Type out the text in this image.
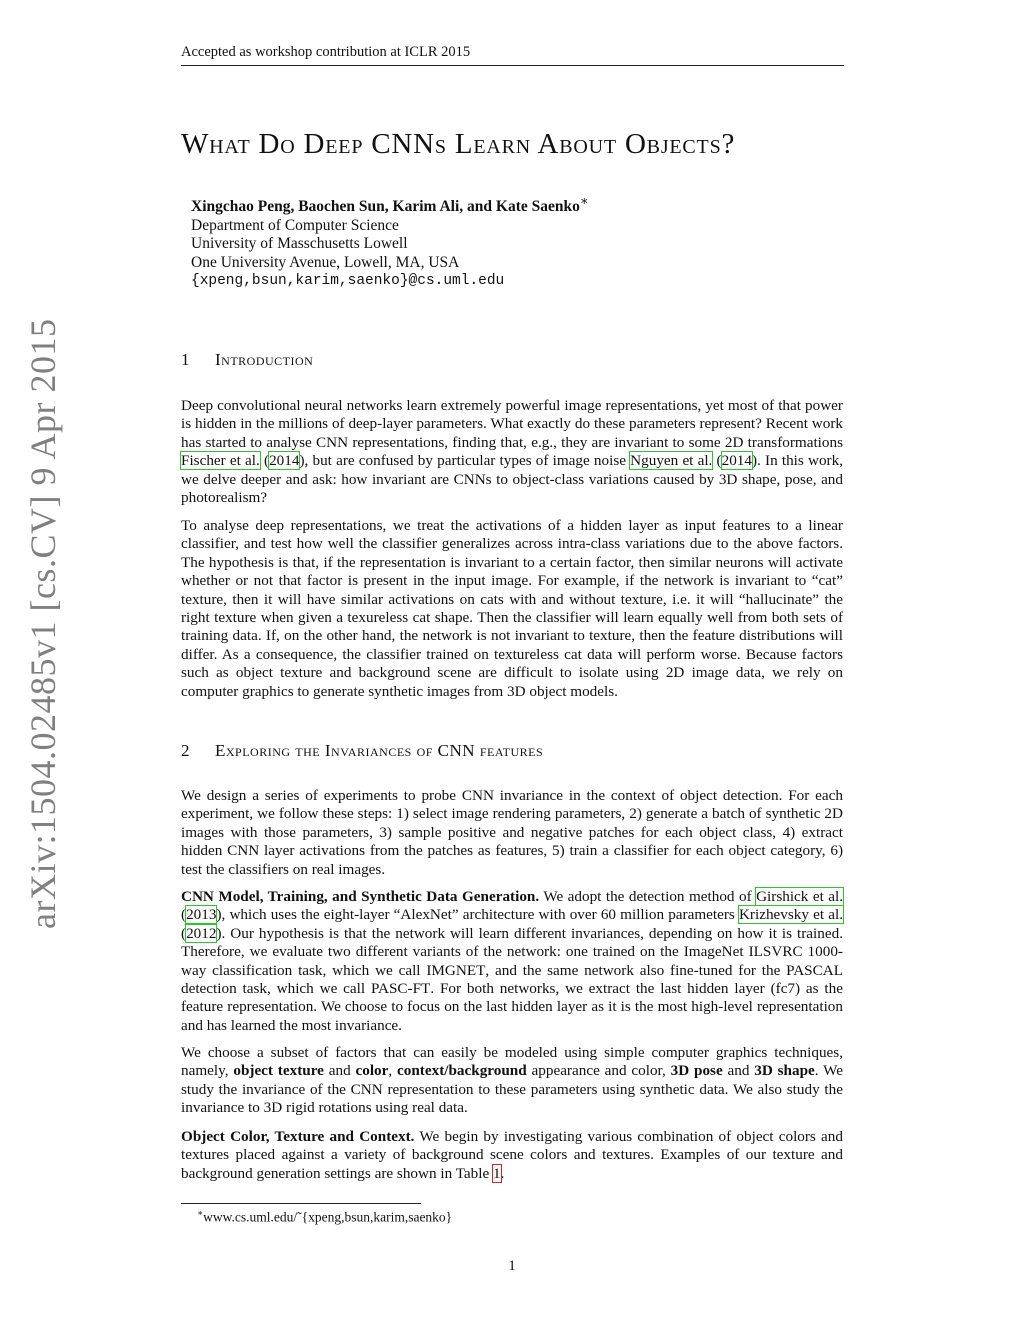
Accepted as workshop contribution at ICLR 2015
arXiv:1504.02485v1 [cs.CV] 9 Apr 2015
What Do Deep CNNs Learn About Objects?
Xingchao Peng, Baochen Sun, Karim Ali, and Kate Saenko∗
Department of Computer Science
University of Masschusetts Lowell
One University Avenue, Lowell, MA, USA
{xpeng,bsun,karim,saenko}@cs.uml.edu
1 Introduction

Deep convolutional neural networks learn extremely powerful image representations, yet most of that power is hidden in the millions of deep-layer parameters. What exactly do these parameters represent? Recent work has started to analyse CNN representations, finding that, e.g., they are invariant to some 2D transformations Fischer et al. (2014), but are confused by particular types of image noise Nguyen et al. (2014). In this work, we delve deeper and ask: how invariant are CNNs to object-class variations caused by 3D shape, pose, and photorealism?

To analyse deep representations, we treat the activations of a hidden layer as input features to a linear classifier, and test how well the classifier generalizes across intra-class variations due to the above factors. The hypothesis is that, if the representation is invariant to a certain factor, then similar neurons will activate whether or not that factor is present in the input image. For example, if the network is invariant to “cat” texture, then it will have similar activations on cats with and without texture, i.e. it will “hallucinate” the right texture when given a texureless cat shape. Then the classifier will learn equally well from both sets of training data. If, on the other hand, the network is not invariant to texture, then the feature distributions will differ. As a consequence, the classifier trained on textureless cat data will perform worse. Because factors such as object texture and background scene are difficult to isolate using 2D image data, we rely on computer graphics to generate synthetic images from 3D object models.

2 Exploring the Invariances of CNN features

We design a series of experiments to probe CNN invariance in the context of object detection. For each experiment, we follow these steps: 1) select image rendering parameters, 2) generate a batch of synthetic 2D images with those parameters, 3) sample positive and negative patches for each object class, 4) extract hidden CNN layer activations from the patches as features, 5) train a classifier for each object category, 6) test the classifiers on real images.

CNN Model, Training, and Synthetic Data Generation. We adopt the detection method of Girshick et al. (2013), which uses the eight-layer “AlexNet” architecture with over 60 million parameters Krizhevsky et al. (2012). Our hypothesis is that the network will learn different invariances, depending on how it is trained. Therefore, we evaluate two different variants of the network: one trained on the ImageNet ILSVRC 1000-way classification task, which we call IMGNET, and the same network also fine-tuned for the PASCAL detection task, which we call PASC-FT. For both networks, we extract the last hidden layer (fc7) as the feature representation. We choose to focus on the last hidden layer as it is the most high-level representation and has learned the most invariance.

We choose a subset of factors that can easily be modeled using simple computer graphics techniques, namely, object texture and color, context/background appearance and color, 3D pose and 3D shape. We study the invariance of the CNN representation to these parameters using synthetic data. We also study the invariance to 3D rigid rotations using real data.

Object Color, Texture and Context. We begin by investigating various combination of object colors and textures placed against a variety of background scene colors and textures. Examples of our texture and background generation settings are shown in Table 1.

∗www.cs.uml.edu/˜{xpeng,bsun,karim,saenko}
1
